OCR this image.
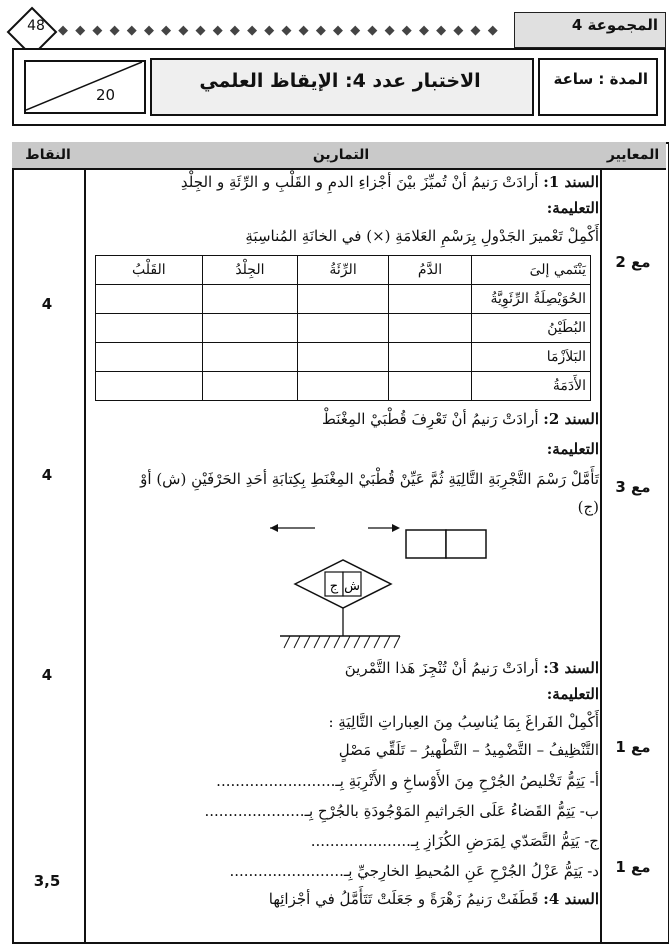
48	◆ ◆ ◆ ◆ ◆ ◆ ◆ ◆ ◆ ◆ ◆ ◆ ◆ ◆ ◆ ◆ ◆ ◆ ◆ ◆ ◆ ◆ ◆ ◆ ◆ ◆	المجموعة 4
20
الاختبار عدد 4: الإيقاظ العلمي	المدة : ساعة
النقاط	التمارين	المعايير
السند 1: أرادَتْ رَنيمُ أنْ تُميِّزَ بيْنَ أجْزاءِ الدمِ و القَلْبِ و الرِّئَةِ و الجِلْدِ
التعليمة:
أَكْمِلْ تَعْميرَ الجَدْولِ بِرَسْمِ العَلامَةِ (×) في الخانَةِ المُناسِبَةِ
القَلْبُ	الجِلْدُ	الرِّئَةُ	الدَّمُ	يَنْتَمي إلىَ
				الحُوَيْصِلَةُ الرِّئَوِيَّةُ
				البُطَيْنُ
				البَلاَزْمَا
				الأَدَمَةُ
4
مع 2
السند 2: أرادَتْ رَنيمُ أنْ تَعْرِفَ قُطْبَيْ المِغْنَطْ
التعليمة:
تَأَمَّلْ رَسْمَ التَّجْرِبَةِ التَّالِيَةِ ثُمَّ عَيِّنْ قُطْبَيْ المِغْنَطِ بِكِتابَةِ أحَدِ الحَرْفَيْنِ (ش) أوْ
(ج)
ج ش
4
مع 3
السند 3: أرادَتْ رَنيمُ أنْ تُنْجِزَ هَذا التَّمْرينَ
التعليمة:
أَكْمِلْ الفَراغَ بِمَا يُناسِبُ مِنَ العِباراتِ التَّالِيَةِ :
التَّنْظِيفُ – التَّضْمِيدُ – التَّطْهيرُ – تَلَقِّي مَصْلٍ
أ- يَتِمُّ تَخْليصُ الجُرْحِ مِنَ الأَوْساخِ و الأَتْرِبَةِ بِـ.........................
ب- يَتِمُّ القَضاءُ عَلَى الجَراثيمِ المَوْجُودَةِ بالجُرْحِ بِـ.....................
ج- يَتِمُّ التَّصَدّي لِمَرَضِ الكُزَازِ بِـ.....................
د- يَتِمُّ عَزْلُ الجُرْحِ عَنِ المُحيطِ الخارِجيِّ بِـ........................
4
مع 1
السند 4: قَطَفَتْ رَنيمُ زَهْرَةً و جَعَلَتْ تَتَأَمَّلُ في أجْزائِها
3,5
مع 1
